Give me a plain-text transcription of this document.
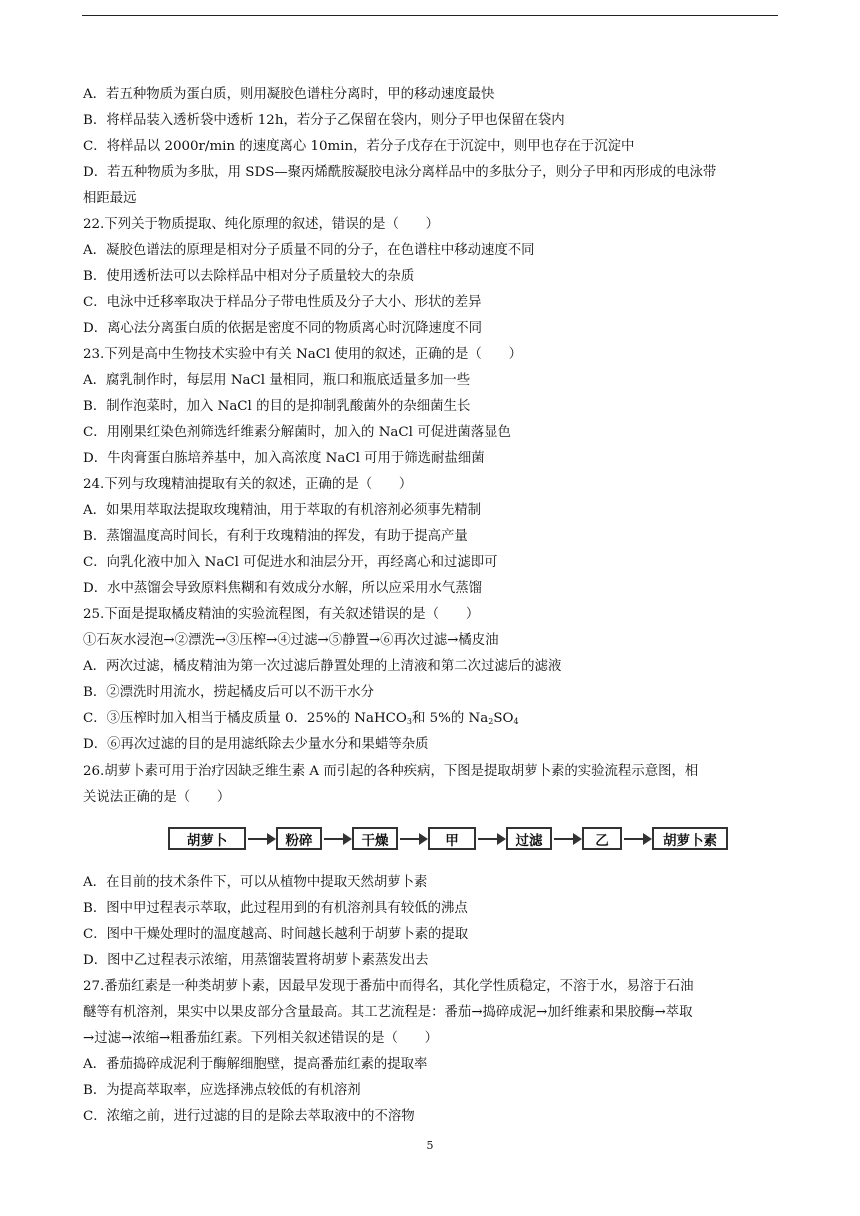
A．若五种物质为蛋白质，则用凝胶色谱柱分离时，甲的移动速度最快
B．将样品装入透析袋中透析 12h，若分子乙保留在袋内，则分子甲也保留在袋内
C．将样品以 2000r/min 的速度离心 10min，若分子戊存在于沉淀中，则甲也存在于沉淀中
D．若五种物质为多肽，用 SDS—聚丙烯酰胺凝胶电泳分离样品中的多肽分子，则分子甲和丙形成的电泳带
相距最远
22.下列关于物质提取、纯化原理的叙述，错误的是（　　）
A．凝胶色谱法的原理是相对分子质量不同的分子，在色谱柱中移动速度不同
B．使用透析法可以去除样品中相对分子质量较大的杂质
C．电泳中迁移率取决于样品分子带电性质及分子大小、形状的差异
D．离心法分离蛋白质的依据是密度不同的物质离心时沉降速度不同
23.下列是高中生物技术实验中有关 NaCl 使用的叙述，正确的是（　　）
A．腐乳制作时，每层用 NaCl 量相同，瓶口和瓶底适量多加一些
B．制作泡菜时，加入 NaCl 的目的是抑制乳酸菌外的杂细菌生长
C．用刚果红染色剂筛选纤维素分解菌时，加入的 NaCl 可促进菌落显色
D．牛肉膏蛋白胨培养基中，加入高浓度 NaCl 可用于筛选耐盐细菌
24.下列与玫瑰精油提取有关的叙述，正确的是（　　）
A．如果用萃取法提取玫瑰精油，用于萃取的有机溶剂必须事先精制
B．蒸馏温度高时间长，有利于玫瑰精油的挥发，有助于提高产量
C．向乳化液中加入 NaCl 可促进水和油层分开，再经离心和过滤即可
D．水中蒸馏会导致原料焦糊和有效成分水解，所以应采用水气蒸馏
25.下面是提取橘皮精油的实验流程图，有关叙述错误的是（　　）
①石灰水浸泡→②漂洗→③压榨→④过滤→⑤静置→⑥再次过滤→橘皮油
A．两次过滤，橘皮精油为第一次过滤后静置处理的上清液和第二次过滤后的滤液
B．②漂洗时用流水，捞起橘皮后可以不沥干水分
C．③压榨时加入相当于橘皮质量 0．25%的 NaHCO$_3$和 5%的 $Na_2SO_4$
D．⑥再次过滤的目的是用滤纸除去少量水分和果蜡等杂质
26.胡萝卜素可用于治疗因缺乏维生素 A 而引起的各种疾病，下图是提取胡萝卜素的实验流程示意图，相
关说法正确的是（　　）
胡萝卜	粉碎	干燥	甲	过滤	乙	胡萝卜素
A．在目前的技术条件下，可以从植物中提取天然胡萝卜素
B．图中甲过程表示萃取，此过程用到的有机溶剂具有较低的沸点
C．图中干燥处理时的温度越高、时间越长越利于胡萝卜素的提取
D．图中乙过程表示浓缩，用蒸馏装置将胡萝卜素蒸发出去
27.番茄红素是一种类胡萝卜素，因最早发现于番茄中而得名，其化学性质稳定，不溶于水，易溶于石油
醚等有机溶剂，果实中以果皮部分含量最高。其工艺流程是：番茄→捣碎成泥→加纤维素和果胶酶→萃取
→过滤→浓缩→粗番茄红素。下列相关叙述错误的是（　　）
A．番茄捣碎成泥利于酶解细胞壁，提高番茄红素的提取率
B．为提高萃取率，应选择沸点较低的有机溶剂
C．浓缩之前，进行过滤的目的是除去萃取液中的不溶物
5
